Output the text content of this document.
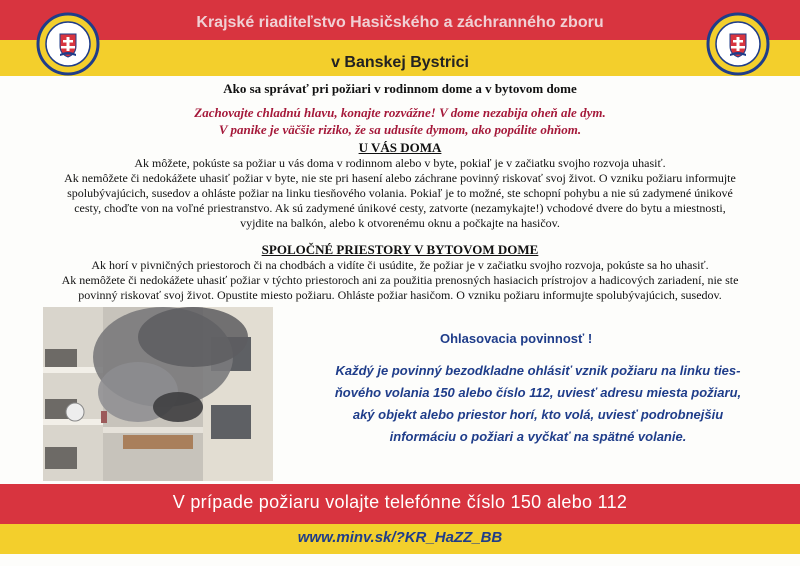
Krajské riaditeľstvo Hasičského a záchranného zboru
v Banskej Bystrici
Ako sa správať pri požiari v rodinnom dome a v bytovom dome
Zachovajte chladnú hlavu, konajte rozvážne! V dome nezabija oheň ale dym.
V panike je väčšie riziko, že sa udusíte dymom, ako popálite ohňom.
U VÁS DOMA
Ak môžete, pokúste sa požiar u vás doma v rodinnom alebo v byte, pokiaľ je v začiatku svojho rozvoja uhasiť.
Ak nemôžete či nedokážete uhasiť požiar v byte, nie ste pri hasení alebo záchrane povinný riskovať svoj život. O vzniku požiaru informujte
spolubývajúcich, susedov a ohláste požiar na linku tiesňového volania. Pokiaľ je to možné, ste schopní pohybu a nie sú zadymené únikové
cesty, choďte von na voľné priestranstvo. Ak sú zadymené únikové cesty, zatvorte (nezamykajte!) vchodové dvere do bytu a miestnosti,
vyjdite na balkón, alebo k otvorenému oknu a počkajte na hasičov.
SPOLOČNÉ PRIESTORY V BYTOVOM DOME
Ak horí v pivničných priestoroch či na chodbách a vidíte či usúdite, že požiar je v začiatku svojho rozvoja, pokúste sa ho uhasiť.
Ak nemôžete či nedokážete uhasiť požiar v týchto priestoroch ani za použitia prenosných hasiacich prístrojov a hadicových zariadení, nie ste
povinný riskovať svoj život. Opustite miesto požiaru. Ohláste požiar hasičom. O vzniku požiaru informujte spolubývajúcich, susedov.
Ohlasovacia povinnosť !
Každý je povinný bezodkladne ohlásiť vznik požiaru na linku ties-
ňového volania 150 alebo číslo 112, uviesť adresu miesta požiaru,
aký objekt alebo priestor horí, kto volá, uviesť podrobnejšiu
informáciu o požiari a vyčkať na spätné volanie.
V prípade požiaru volajte telefónne číslo 150 alebo 112
www.minv.sk/?KR_HaZZ_BB
